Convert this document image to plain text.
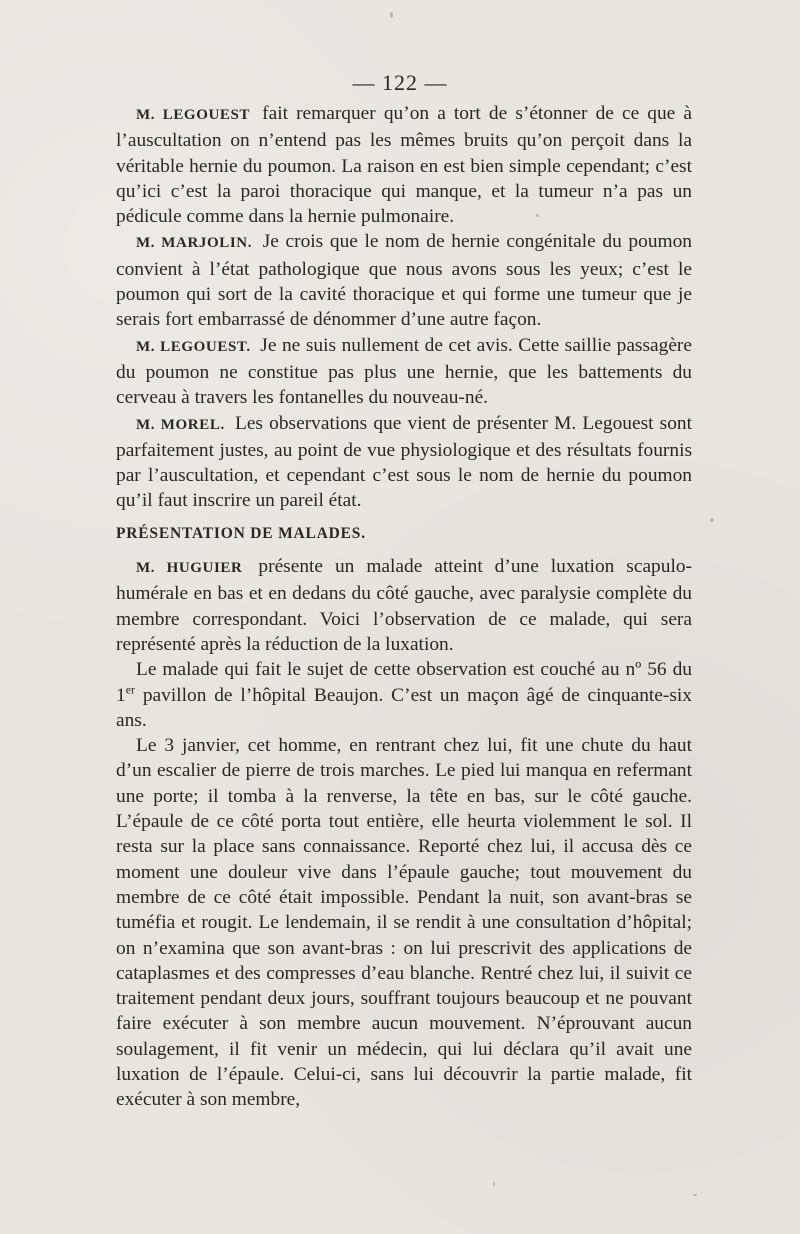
— 122 —

M. LEGOUEST fait remarquer qu’on a tort de s’étonner de ce que à l’auscultation on n’entend pas les mêmes bruits qu’on perçoit dans la véritable hernie du poumon. La raison en est bien simple cependant; c’est qu’ici c’est la paroi thoracique qui manque, et la tumeur n’a pas un pédicule comme dans la hernie pulmonaire.

M. MARJOLIN. Je crois que le nom de hernie congénitale du poumon convient à l’état pathologique que nous avons sous les yeux; c’est le poumon qui sort de la cavité thoracique et qui forme une tumeur que je serais fort embarrassé de dénommer d’une autre façon.

M. LEGOUEST. Je ne suis nullement de cet avis. Cette saillie passagère du poumon ne constitue pas plus une hernie, que les battements du cerveau à travers les fontanelles du nouveau-né.

M. MOREL. Les observations que vient de présenter M. Legouest sont parfaitement justes, au point de vue physiologique et des résultats fournis par l’auscultation, et cependant c’est sous le nom de hernie du poumon qu’il faut inscrire un pareil état.

PRÉSENTATION DE MALADES.

M. HUGUIER présente un malade atteint d’une luxation scapulo-humérale en bas et en dedans du côté gauche, avec paralysie complète du membre correspondant. Voici l’observation de ce malade, qui sera représenté après la réduction de la luxation.

Le malade qui fait le sujet de cette observation est couché au nº 56 du 1er pavillon de l’hôpital Beaujon. C’est un maçon âgé de cinquante-six ans.

Le 3 janvier, cet homme, en rentrant chez lui, fit une chute du haut d’un escalier de pierre de trois marches. Le pied lui manqua en refermant une porte; il tomba à la renverse, la tête en bas, sur le côté gauche. L’épaule de ce côté porta tout entière, elle heurta violemment le sol. Il resta sur la place sans connaissance. Reporté chez lui, il accusa dès ce moment une douleur vive dans l’épaule gauche; tout mouvement du membre de ce côté était impossible. Pendant la nuit, son avant-bras se tuméfia et rougit. Le lendemain, il se rendit à une consultation d’hôpital; on n’examina que son avant-bras : on lui prescrivit des applications de cataplasmes et des compresses d’eau blanche. Rentré chez lui, il suivit ce traitement pendant deux jours, souffrant toujours beaucoup et ne pouvant faire exécuter à son membre aucun mouvement. N’éprouvant aucun soulagement, il fit venir un médecin, qui lui déclara qu’il avait une luxation de l’épaule. Celui-ci, sans lui découvrir la partie malade, fit exécuter à son membre,
